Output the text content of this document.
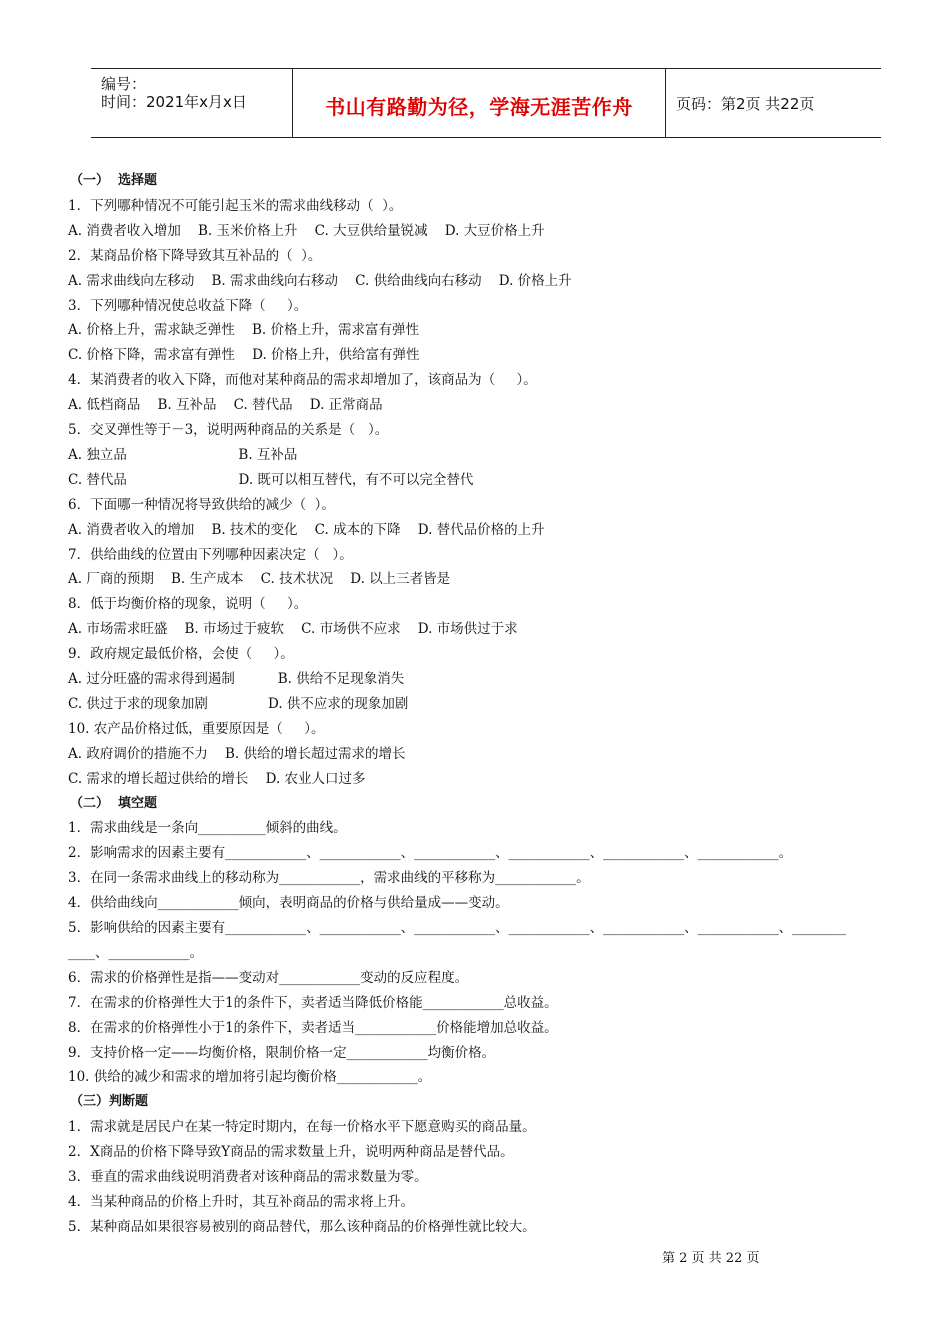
编号：
时间：2021年x月x日	书山有路勤为径，学海无涯苦作舟	页码：第2页 共22页
（一）  选择题
1．下列哪种情况不可能引起玉米的需求曲线移动（  ）。
A. 消费者收入增加    B. 玉米价格上升    C. 大豆供给量锐减    D. 大豆价格上升
2．某商品价格下降导致其互补品的（  ）。
A. 需求曲线向左移动    B. 需求曲线向右移动    C. 供给曲线向右移动    D. 价格上升
3．下列哪种情况使总收益下降（     ）。
A. 价格上升，需求缺乏弹性    B. 价格上升，需求富有弹性
C. 价格下降，需求富有弹性    D. 价格上升，供给富有弹性
4．某消费者的收入下降，而他对某种商品的需求却增加了，该商品为（     ）。
A. 低档商品    B. 互补品    C. 替代品    D. 正常商品
5．交叉弹性等于－3，说明两种商品的关系是（   ）。
A. 独立品                          B. 互补品
C. 替代品                          D. 既可以相互替代，有不可以完全替代
6．下面哪一种情况将导致供给的减少（  ）。
A. 消费者收入的增加    B. 技术的变化    C. 成本的下降    D. 替代品价格的上升
7．供给曲线的位置由下列哪种因素决定（   ）。
A. 厂商的预期    B. 生产成本    C. 技术状况    D. 以上三者皆是
8．低于均衡价格的现象，说明（     ）。
A. 市场需求旺盛    B. 市场过于疲软    C. 市场供不应求    D. 市场供过于求
9．政府规定最低价格，会使（     ）。
A. 过分旺盛的需求得到遏制          B. 供给不足现象消失
C. 供过于求的现象加剧              D. 供不应求的现象加剧
10. 农产品价格过低，重要原因是（     ）。
A. 政府调价的措施不力    B. 供给的增长超过需求的增长
C. 需求的增长超过供给的增长    D. 农业人口过多
（二）  填空题
1．需求曲线是一条向__________倾斜的曲线。
2．影响需求的因素主要有____________、____________、____________、____________、____________、____________。
3．在同一条需求曲线上的移动称为____________，需求曲线的平移称为____________。
4．供给曲线向____________倾向，表明商品的价格与供给量成——变动。
5．影响供给的因素主要有____________、____________、____________、____________、____________、____________、________
____、____________。
6．需求的价格弹性是指——变动对____________变动的反应程度。
7．在需求的价格弹性大于1的条件下，卖者适当降低价格能____________总收益。
8．在需求的价格弹性小于1的条件下，卖者适当____________价格能增加总收益。
9．支持价格一定——均衡价格，限制价格一定____________均衡价格。
10. 供给的减少和需求的增加将引起均衡价格____________。
（三）判断题
1．需求就是居民户在某一特定时期内，在每一价格水平下愿意购买的商品量。
2．X商品的价格下降导致Y商品的需求数量上升，说明两种商品是替代品。
3．垂直的需求曲线说明消费者对该种商品的需求数量为零。
4．当某种商品的价格上升时，其互补商品的需求将上升。
5．某种商品如果很容易被别的商品替代，那么该种商品的价格弹性就比较大。
第 2 页 共 22 页
